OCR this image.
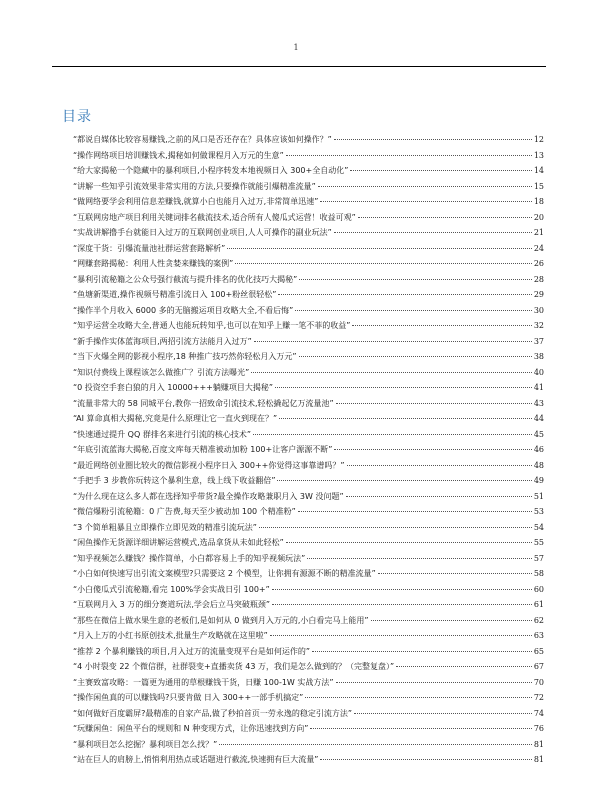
1
目录
“都说自媒体比较容易赚钱,之前的风口是否还存在？具体应该如何操作？”	12
“操作网络项目培训赚钱术,揭秘如何做课程月入万元的生意”	13
“给大家揭秘一个隐藏中的暴利项目,小程序转发本地视频日入 300+全自动化”	14
“讲解一些知乎引流效果非常实用的方法,只要操作就能引爆精准流量”	15
“做网络要学会利用信息差赚钱,就算小白也能月入过万,非常简单迅速”	18
“互联网房地产项目利用关键词排名截流技术,适合所有人傻瓜式运营！收益可观”	20
“实战讲解撸手台就能日入过万的互联网创业项目,人人可操作的副业玩法”	21
“深度干货：引爆流量池社群运营套路解析”	24
“网赚套路揭秘：利用人性贪婪来赚钱的案例”	26
“暴利引流秘籍之公众号强行截流与提升排名的优化技巧大揭秘”	28
“鱼塘新渠道,操作视频号精准引流日入 100+粉丝很轻松”	29
“操作半个月收入 6000 多的无脑搬运项目攻略大全,不看后悔”	30
“知乎运营全攻略大全,普通人也能玩转知乎,也可以在知乎上赚一笔不菲的收益”	32
“新手操作实体蓝海项目,两招引流方法能月入过万”	37
“当下火爆全网的影视小程序,18 种推广技巧然你轻松月入万元”	38
“知识付费线上课程该怎么做推广？引流方法曝光”	40
“0 投资空手套白狼的月入 10000+++躺赚项目大揭秘”	41
“流量非常大的 58 同城平台,教你一招致命引流技术,轻松撬起亿万流量池”	43
“AI 算命真相大揭秘,究竟是什么原理让它一直火到现在？”	44
“快速通过提升 QQ 群排名来进行引流的核心技术”	45
“年底引流蓝海大揭秘,百度文库每天精准被动加粉 100+让客户源源不断”	46
“最近网络创业圈比较火的微信影视小程序日入 300++你觉得这事靠谱吗？”	48
“手把手 3 步教你玩转这个暴利生意，线上线下收益翻倍”	49
“为什么现在这么多人都在选择知乎带货?最全操作攻略兼职月入 3W 没问题”	51
“微信爆粉引流秘籍：0 广告费,每天至少被动加 100 个精准粉”	53
“3 个简单粗暴且立即操作立即见效的精准引流玩法”	54
“闲鱼操作无货源详细讲解运营模式,选品拿货从未如此轻松”	55
“知乎视频怎么赚钱？操作简单，小白都容易上手的知乎视频玩法”	57
“小白如何快速写出引流文案模型?只需要这 2 个模型，让你拥有源源不断的精准流量”	58
“小白傻瓜式引流秘籍,看完 100%学会实战日引 100+”	60
“互联网月入 3 万的细分赛道玩法,学会后立马突破瓶颈”	61
“那些在微信上做水果生意的老板们,是如何从 0 做到月入万元的,小白看完马上能用”	62
“月入上万的小红书原创技术,批量生产攻略就在这里啦”	63
“推荐 2 个暴利赚钱的项目,月入过万的流量变现平台是如何运作的”	65
“4 小时裂变 22 个微信群，社群裂变+直播卖货 43 万，我们是怎么做到的？（完整复盘）”	67
“主赛致富攻略：一篇更为通用的草根赚钱干货，日赚 100-1W 实战方法”	70
“操作闲鱼真的可以赚钱吗?只要肯做 日入 300++一部手机搞定”	72
“如何做好百度霸屏?最精准的自家产品,做了秒拍首页一劳永逸的稳定引流方法”	74
“玩赚闲鱼：闲鱼平台的规则和 N 种变现方式，让你迅速找到方向”	76
“暴利项目怎么挖掘？暴利项目怎么找？”	81
“站在巨人的肩膀上,悄悄利用热点或话题进行截流,快速拥有巨大流量”	81
